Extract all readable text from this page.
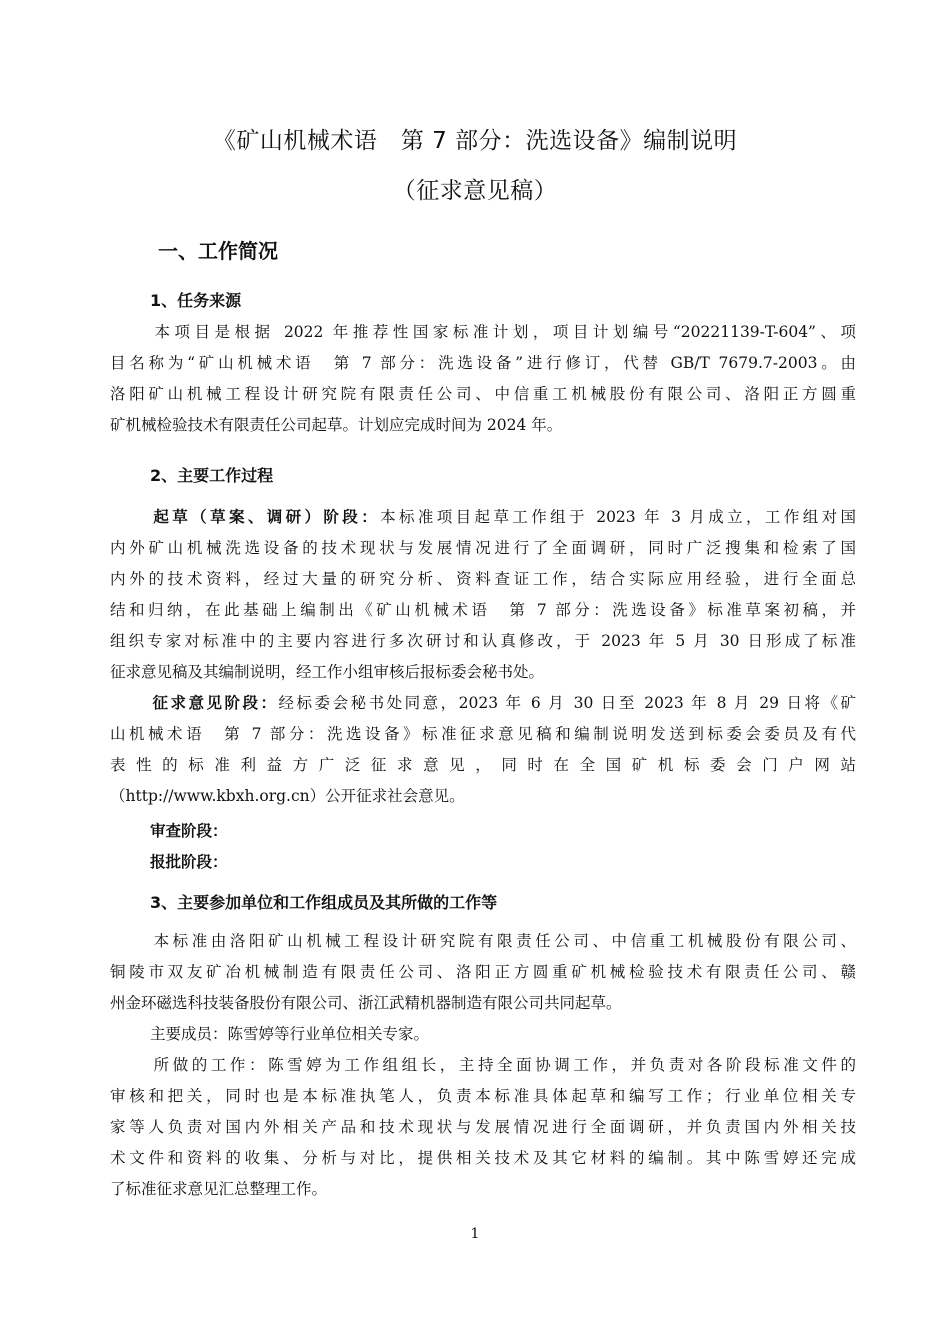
《矿山机械术语　第 7 部分：洗选设备》编制说明
（征求意见稿）
一、工作简况
1、任务来源
本项目是根据 2022 年推荐性国家标准计划，项目计划编号“20221139-T-604”、项
目名称为“矿山机械术语　第 7 部分：洗选设备”进行修订，代替 GB/T 7679.7-2003。由
洛阳矿山机械工程设计研究院有限责任公司、中信重工机械股份有限公司、洛阳正方圆重
矿机械检验技术有限责任公司起草。计划应完成时间为 2024 年。
2、主要工作过程
起草（草案、调研）阶段：本标准项目起草工作组于 2023 年 3 月成立，工作组对国
内外矿山机械洗选设备的技术现状与发展情况进行了全面调研，同时广泛搜集和检索了国
内外的技术资料，经过大量的研究分析、资料查证工作，结合实际应用经验，进行全面总
结和归纳，在此基础上编制出《矿山机械术语　第 7 部分：洗选设备》标准草案初稿，并
组织专家对标准中的主要内容进行多次研讨和认真修改，于 2023 年 5 月 30 日形成了标准
征求意见稿及其编制说明，经工作小组审核后报标委会秘书处。
征求意见阶段：经标委会秘书处同意，2023 年 6 月 30 日至 2023 年 8 月 29 日将《矿
山机械术语　第 7 部分：洗选设备》标准征求意见稿和编制说明发送到标委会委员及有代
表性的标准利益方广泛征求意见，同时在全国矿机标委会门户网站
（http://www.kbxh.org.cn）公开征求社会意见。
审查阶段：
报批阶段：
3、主要参加单位和工作组成员及其所做的工作等
本标准由洛阳矿山机械工程设计研究院有限责任公司、中信重工机械股份有限公司、
铜陵市双友矿冶机械制造有限责任公司、洛阳正方圆重矿机械检验技术有限责任公司、赣
州金环磁选科技装备股份有限公司、浙江武精机器制造有限公司共同起草。
主要成员：陈雪婷等行业单位相关专家。
所做的工作：陈雪婷为工作组组长，主持全面协调工作，并负责对各阶段标准文件的
审核和把关，同时也是本标准执笔人，负责本标准具体起草和编写工作；行业单位相关专
家等人负责对国内外相关产品和技术现状与发展情况进行全面调研，并负责国内外相关技
术文件和资料的收集、分析与对比，提供相关技术及其它材料的编制。其中陈雪婷还完成
了标准征求意见汇总整理工作。
1
